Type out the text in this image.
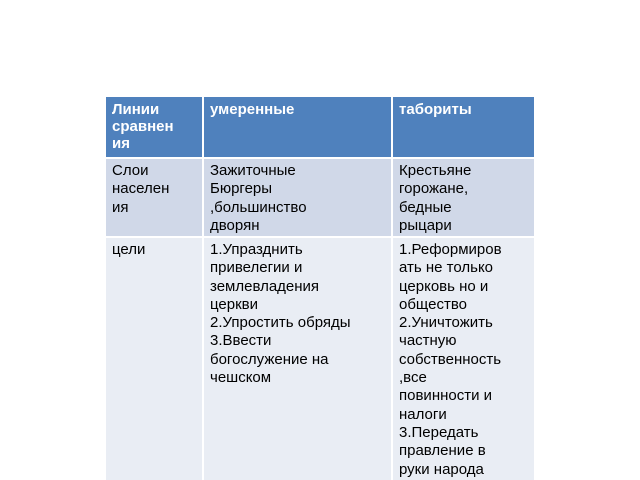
Линии
сравнен
ия
умеренные	табориты
Слои
населен
ия
Зажиточные
Бюргеры
,большинство
дворян
Крестьяне
горожане,
бедные
рыцари
цели	1.Упразднить
привелегии и
землевладения
церкви
2.Упростить обряды
3.Ввести
богослужение на
чешском
1.Реформиров
ать не только
церковь но и
общество
2.Уничтожить
частную
собственность
,все
повинности и
налоги
3.Передать
правление в
руки народа
